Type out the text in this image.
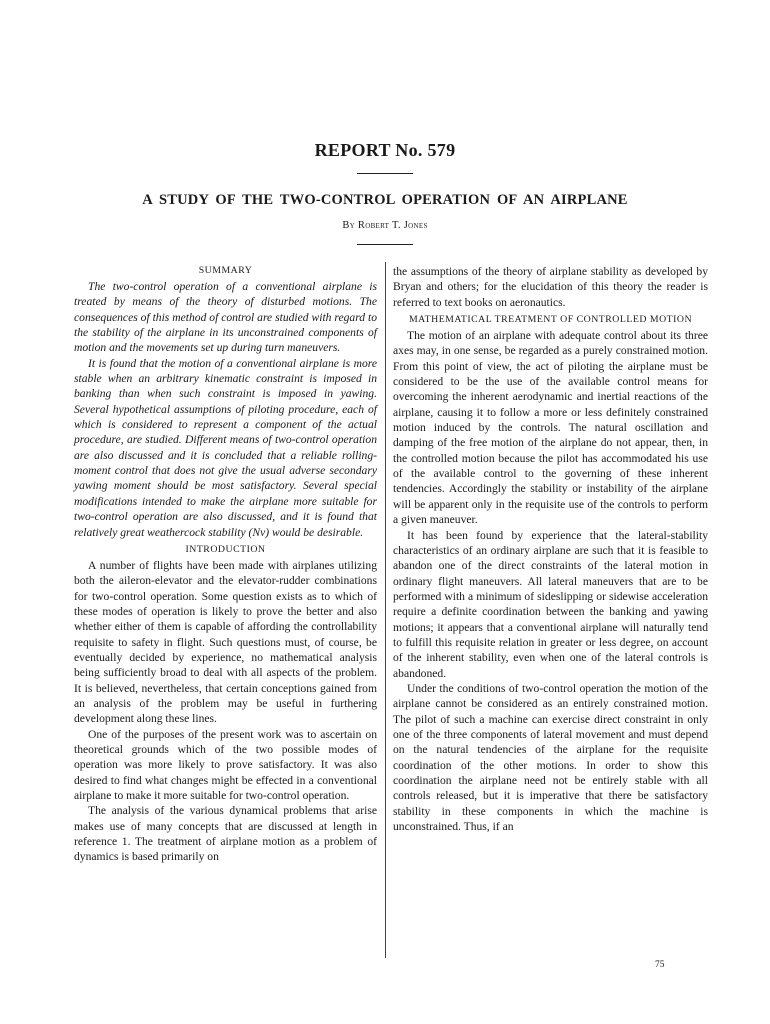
REPORT No. 579
A STUDY OF THE TWO-CONTROL OPERATION OF AN AIRPLANE
By Robert T. Jones
SUMMARY

The two-control operation of a conventional airplane is treated by means of the theory of disturbed motions. The consequences of this method of control are studied with regard to the stability of the airplane in its unconstrained components of motion and the movements set up during turn maneuvers.

It is found that the motion of a conventional airplane is more stable when an arbitrary kinematic constraint is imposed in banking than when such constraint is imposed in yawing. Several hypothetical assumptions of piloting procedure, each of which is considered to represent a component of the actual procedure, are studied. Different means of two-control operation are also discussed and it is concluded that a reliable rolling-moment control that does not give the usual adverse secondary yawing moment should be most satisfactory. Several special modifications intended to make the airplane more suitable for two-control operation are also discussed, and it is found that relatively great weathercock stability (Nv) would be desirable.

INTRODUCTION

A number of flights have been made with airplanes utilizing both the aileron-elevator and the elevator-rudder combinations for two-control operation. Some question exists as to which of these modes of operation is likely to prove the better and also whether either of them is capable of affording the controllability requisite to safety in flight. Such questions must, of course, be eventually decided by experience, no mathematical analysis being sufficiently broad to deal with all aspects of the problem. It is believed, nevertheless, that certain conceptions gained from an analysis of the problem may be useful in furthering development along these lines.

One of the purposes of the present work was to ascertain on theoretical grounds which of the two possible modes of operation was more likely to prove satisfactory. It was also desired to find what changes might be effected in a conventional airplane to make it more suitable for two-control operation.

The analysis of the various dynamical problems that arise makes use of many concepts that are discussed at length in reference 1. The treatment of airplane motion as a problem of dynamics is based primarily on

the assumptions of the theory of airplane stability as developed by Bryan and others; for the elucidation of this theory the reader is referred to text books on aeronautics.

MATHEMATICAL TREATMENT OF CONTROLLED MOTION

The motion of an airplane with adequate control about its three axes may, in one sense, be regarded as a purely constrained motion. From this point of view, the act of piloting the airplane must be considered to be the use of the available control means for overcoming the inherent aerodynamic and inertial reactions of the airplane, causing it to follow a more or less definitely constrained motion induced by the controls. The natural oscillation and damping of the free motion of the airplane do not appear, then, in the controlled motion because the pilot has accommodated his use of the available control to the governing of these inherent tendencies. Accordingly the stability or instability of the airplane will be apparent only in the requisite use of the controls to perform a given maneuver.

It has been found by experience that the lateral-stability characteristics of an ordinary airplane are such that it is feasible to abandon one of the direct constraints of the lateral motion in ordinary flight maneuvers. All lateral maneuvers that are to be performed with a minimum of sideslipping or sidewise acceleration require a definite coordination between the banking and yawing motions; it appears that a conventional airplane will naturally tend to fulfill this requisite relation in greater or less degree, on account of the inherent stability, even when one of the lateral controls is abandoned.

Under the conditions of two-control operation the motion of the airplane cannot be considered as an entirely constrained motion. The pilot of such a machine can exercise direct constraint in only one of the three components of lateral movement and must depend on the natural tendencies of the airplane for the requisite coordination of the other motions. In order to show this coordination the airplane need not be entirely stable with all controls released, but it is imperative that there be satisfactory stability in these components in which the machine is unconstrained. Thus, if an

75
